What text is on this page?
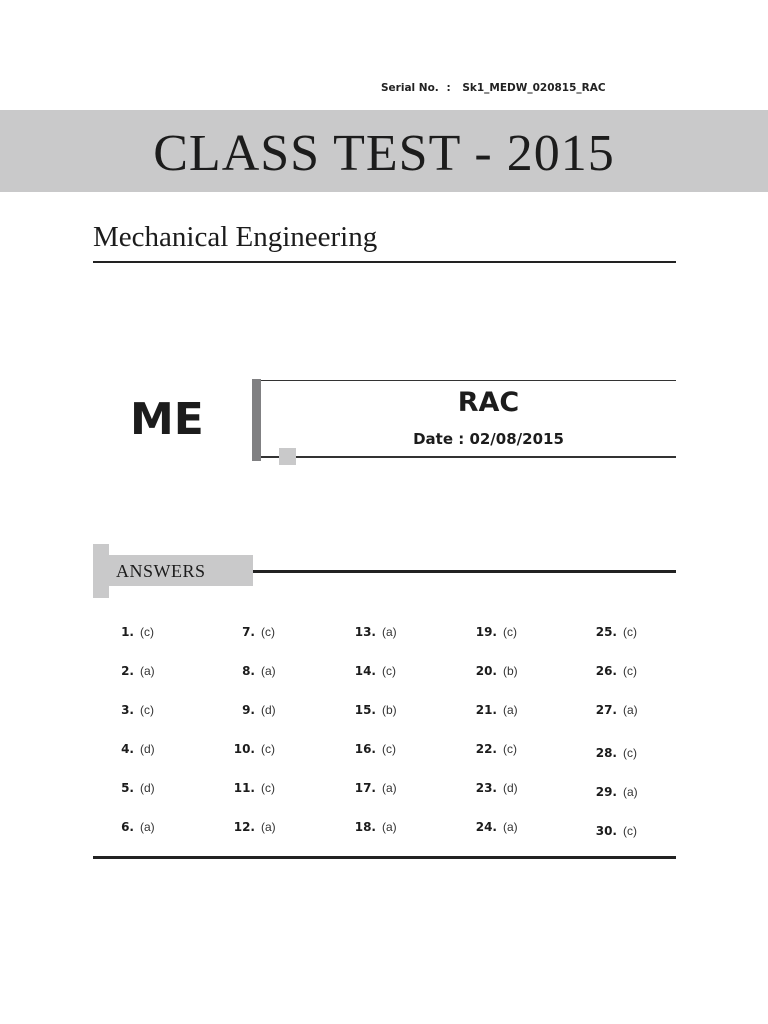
Serial No. : Sk1_MEDW_020815_RAC
CLASS TEST - 2015
Mechanical Engineering
ME	RAC
Date : 02/08/2015
ANSWERS
1. (c)
2. (a)
3. (c)
4. (d)
5. (d)
6. (a)
7. (c)
8. (a)
9. (d)
10. (c)
11. (c)
12. (a)
13. (a)
14. (c)
15. (b)
16. (c)
17. (a)
18. (a)
19. (c)
20. (b)
21. (a)
22. (c)
23. (d)
24. (a)
25. (c)
26. (c)
27. (a)
28. (c)
29. (a)
30. (c)
